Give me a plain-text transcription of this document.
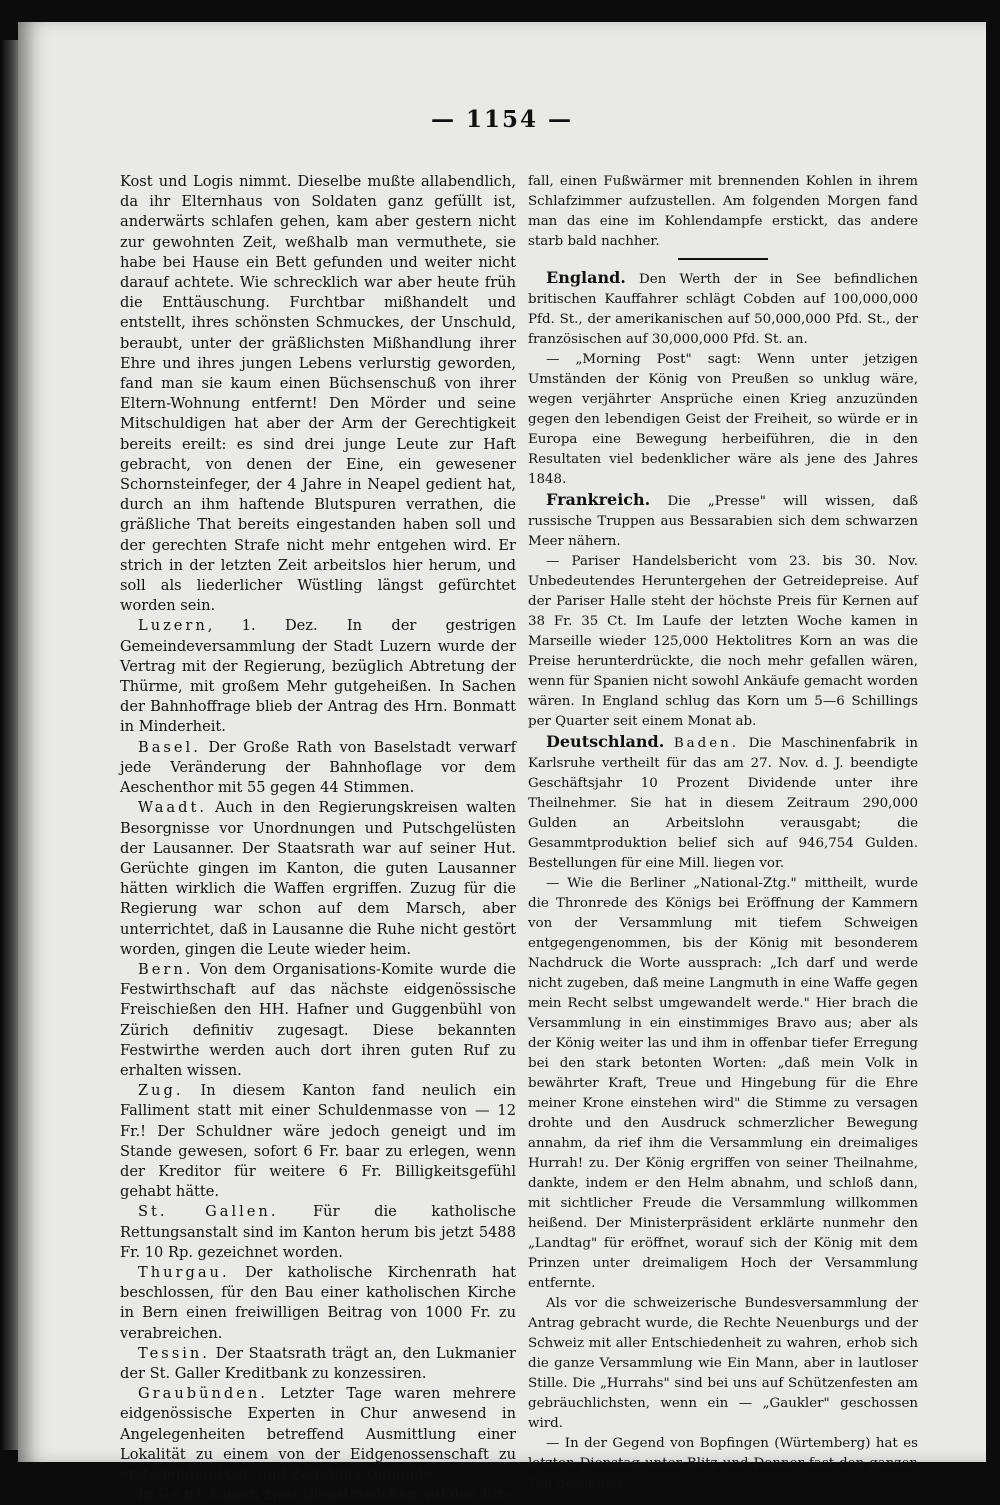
— 1154 —

Kost und Logis nimmt. Dieselbe mußte allabendlich, da ihr Elternhaus von Soldaten ganz gefüllt ist, anderwärts schlafen gehen, kam aber gestern nicht zur gewohnten Zeit, weßhalb man vermuthete, sie habe bei Hause ein Bett gefunden und weiter nicht darauf achtete. Wie schrecklich war aber heute früh die Enttäuschung. Furchtbar mißhandelt und entstellt, ihres schönsten Schmuckes, der Unschuld, beraubt, unter der gräßlichsten Mißhandlung ihrer Ehre und ihres jungen Lebens verlurstig geworden, fand man sie kaum einen Büchsenschuß von ihrer Eltern-Wohnung entfernt! Den Mörder und seine Mitschuldigen hat aber der Arm der Gerechtigkeit bereits ereilt: es sind drei junge Leute zur Haft gebracht, von denen der Eine, ein gewesener Schornsteinfeger, der 4 Jahre in Neapel gedient hat, durch an ihm haftende Blutspuren verrathen, die gräßliche That bereits eingestanden haben soll und der gerechten Strafe nicht mehr entgehen wird. Er strich in der letzten Zeit arbeitslos hier herum, und soll als liederlicher Wüstling längst gefürchtet worden sein.

Luzern, 1. Dez. In der gestrigen Gemeindeversammlung der Stadt Luzern wurde der Vertrag mit der Regierung, bezüglich Abtretung der Thürme, mit großem Mehr gutgeheißen. In Sachen der Bahnhoffrage blieb der Antrag des Hrn. Bonmatt in Minderheit.

Basel. Der Große Rath von Baselstadt verwarf jede Veränderung der Bahnhoflage vor dem Aeschenthor mit 55 gegen 44 Stimmen.

Waadt. Auch in den Regierungskreisen walten Besorgnisse vor Unordnungen und Putschgelüsten der Lausanner. Der Staatsrath war auf seiner Hut. Gerüchte gingen im Kanton, die guten Lausanner hätten wirklich die Waffen ergriffen. Zuzug für die Regierung war schon auf dem Marsch, aber unterrichtet, daß in Lausanne die Ruhe nicht gestört worden, gingen die Leute wieder heim.

Bern. Von dem Organisations-Komite wurde die Festwirthschaft auf das nächste eidgenössische Freischießen den HH. Hafner und Guggenbühl von Zürich definitiv zugesagt. Diese bekannten Festwirthe werden auch dort ihren guten Ruf zu erhalten wissen.

Zug. In diesem Kanton fand neulich ein Falliment statt mit einer Schuldenmasse von — 12 Fr.! Der Schuldner wäre jedoch geneigt und im Stande gewesen, sofort 6 Fr. baar zu erlegen, wenn der Kreditor für weitere 6 Fr. Billigkeitsgefühl gehabt hätte.

St. Gallen. Für die katholische Rettungsanstalt sind im Kanton herum bis jetzt 5488 Fr. 10 Rp. gezeichnet worden.

Thurgau. Der katholische Kirchenrath hat beschlossen, für den Bau einer katholischen Kirche in Bern einen freiwilligen Beitrag von 1000 Fr. zu verabreichen.

Tessin. Der Staatsrath trägt an, den Lukmanier der St. Galler Kreditbank zu konzessiren.

Graubünden. Letzter Tage waren mehrere eidgenössische Experten in Chur anwesend in Angelegenheiten betreffend Ausmittlung einer Lokalität zu einem von der Eidgenossenschaft zu erstellenden Post- und Zoll-Amts-Gebäude.

In Genf kamen zwei Dienstmädchen auf den Ein-

fall, einen Fußwärmer mit brennenden Kohlen in ihrem Schlafzimmer aufzustellen. Am folgenden Morgen fand man das eine im Kohlendampfe erstickt, das andere starb bald nachher.

England. Den Werth der in See befindlichen britischen Kauffahrer schlägt Cobden auf 100,000,000 Pfd. St., der amerikanischen auf 50,000,000 Pfd. St., der französischen auf 30,000,000 Pfd. St. an.

— „Morning Post" sagt: Wenn unter jetzigen Umständen der König von Preußen so unklug wäre, wegen verjährter Ansprüche einen Krieg anzuzünden gegen den lebendigen Geist der Freiheit, so würde er in Europa eine Bewegung herbeiführen, die in den Resultaten viel bedenklicher wäre als jene des Jahres 1848.

Frankreich. Die „Presse" will wissen, daß russische Truppen aus Bessarabien sich dem schwarzen Meer nähern.

— Pariser Handelsbericht vom 23. bis 30. Nov. Unbedeutendes Heruntergehen der Getreidepreise. Auf der Pariser Halle steht der höchste Preis für Kernen auf 38 Fr. 35 Ct. Im Laufe der letzten Woche kamen in Marseille wieder 125,000 Hektolitres Korn an was die Preise herunterdrückte, die noch mehr gefallen wären, wenn für Spanien nicht sowohl Ankäufe gemacht worden wären. In England schlug das Korn um 5—6 Schillings per Quarter seit einem Monat ab.

Deutschland. Baden. Die Maschinenfabrik in Karlsruhe vertheilt für das am 27. Nov. d. J. beendigte Geschäftsjahr 10 Prozent Dividende unter ihre Theilnehmer. Sie hat in diesem Zeitraum 290,000 Gulden an Arbeitslohn verausgabt; die Gesammtproduktion belief sich auf 946,754 Gulden. Bestellungen für eine Mill. liegen vor.

— Wie die Berliner „National-Ztg." mittheilt, wurde die Thronrede des Königs bei Eröffnung der Kammern von der Versammlung mit tiefem Schweigen entgegengenommen, bis der König mit besonderem Nachdruck die Worte aussprach: „Ich darf und werde nicht zugeben, daß meine Langmuth in eine Waffe gegen mein Recht selbst umgewandelt werde." Hier brach die Versammlung in ein einstimmiges Bravo aus; aber als der König weiter las und ihm in offenbar tiefer Erregung bei den stark betonten Worten: „daß mein Volk in bewährter Kraft, Treue und Hingebung für die Ehre meiner Krone einstehen wird" die Stimme zu versagen drohte und den Ausdruck schmerzlicher Bewegung annahm, da rief ihm die Versammlung ein dreimaliges Hurrah! zu. Der König ergriffen von seiner Theilnahme, dankte, indem er den Helm abnahm, und schloß dann, mit sichtlicher Freude die Versammlung willkommen heißend. Der Ministerpräsident erklärte nunmehr den „Landtag" für eröffnet, worauf sich der König mit dem Prinzen unter dreimaligem Hoch der Versammlung entfernte.

Als vor die schweizerische Bundesversammlung der Antrag gebracht wurde, die Rechte Neuenburgs und der Schweiz mit aller Entschiedenheit zu wahren, erhob sich die ganze Versammlung wie Ein Mann, aber in lautloser Stille. Die „Hurrahs" sind bei uns auf Schützenfesten am gebräuchlichsten, wenn ein — „Gaukler" geschossen wird.

— In der Gegend von Bopfingen (Würtemberg) hat es letzten Dienstag unter Blitz und Donner fast den ganzen Tag geschneit.
